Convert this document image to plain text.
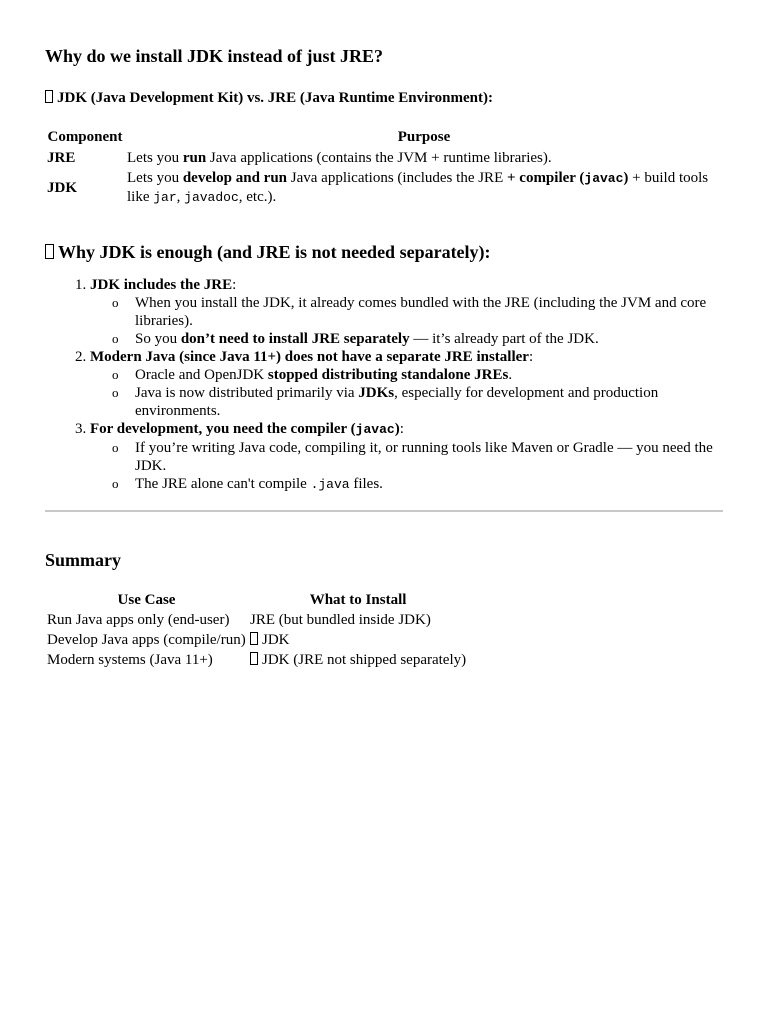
Why do we install JDK instead of just JRE?
JDK (Java Development Kit) vs. JRE (Java Runtime Environment):
Component	Purpose
JRE	Lets you run Java applications (contains the JVM + runtime libraries).
JDK	Lets you develop and run Java applications (includes the JRE + compiler (javac) + build tools like jar, javadoc, etc.).
Why JDK is enough (and JRE is not needed separately):
1. JDK includes the JRE:
o When you install the JDK, it already comes bundled with the JRE (including the JVM and core libraries).
o So you don’t need to install JRE separately — it’s already part of the JDK.
2. Modern Java (since Java 11+) does not have a separate JRE installer:
o Oracle and OpenJDK stopped distributing standalone JREs.
o Java is now distributed primarily via JDKs, especially for development and production environments.
3. For development, you need the compiler (javac):
o If you’re writing Java code, compiling it, or running tools like Maven or Gradle — you need the JDK.
o The JRE alone can't compile .java files.
Summary
Use Case	What to Install
Run Java apps only (end-user)	JRE (but bundled inside JDK)
Develop Java apps (compile/run)	JDK
Modern systems (Java 11+)	JDK (JRE not shipped separately)
